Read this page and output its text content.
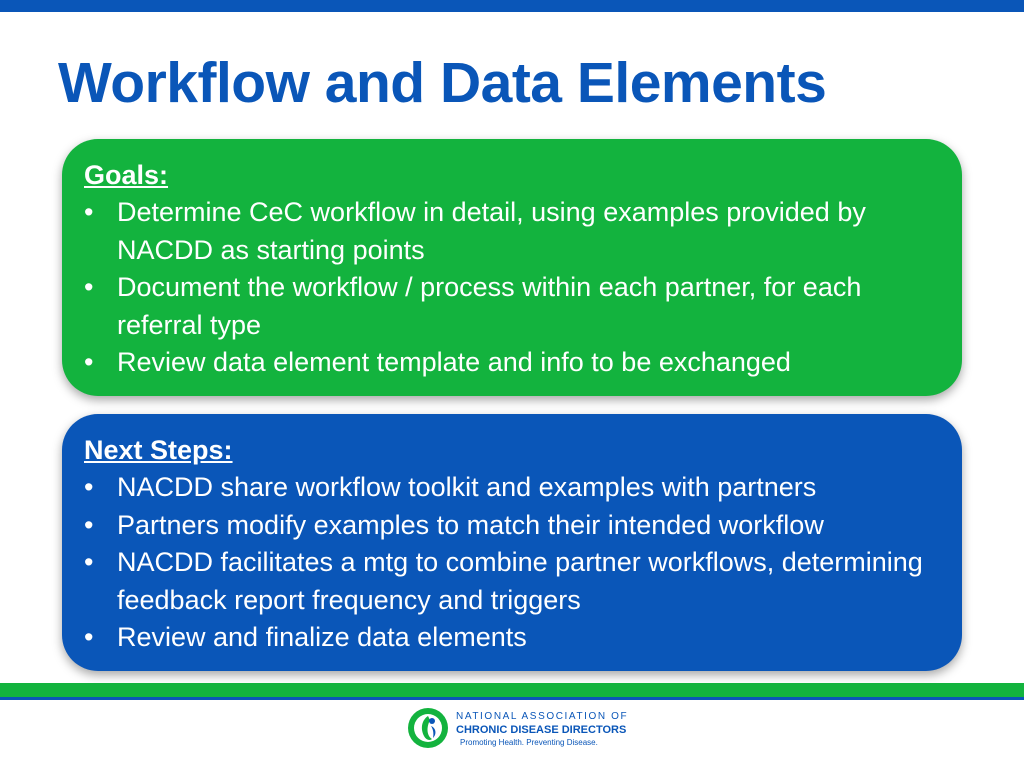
Workflow and Data Elements

Goals:

• Determine CeC workflow in detail, using examples provided by NACDD as starting points
• Document the workflow / process within each partner, for each referral type
• Review data element template and info to be exchanged

Next Steps:

• NACDD share workflow toolkit and examples with partners
• Partners modify examples to match their intended workflow
• NACDD facilitates a mtg to combine partner workflows, determining feedback report frequency and triggers
• Review and finalize data elements
NATIONAL ASSOCIATION OF
CHRONIC DISEASE DIRECTORS
Promoting Health. Preventing Disease.
